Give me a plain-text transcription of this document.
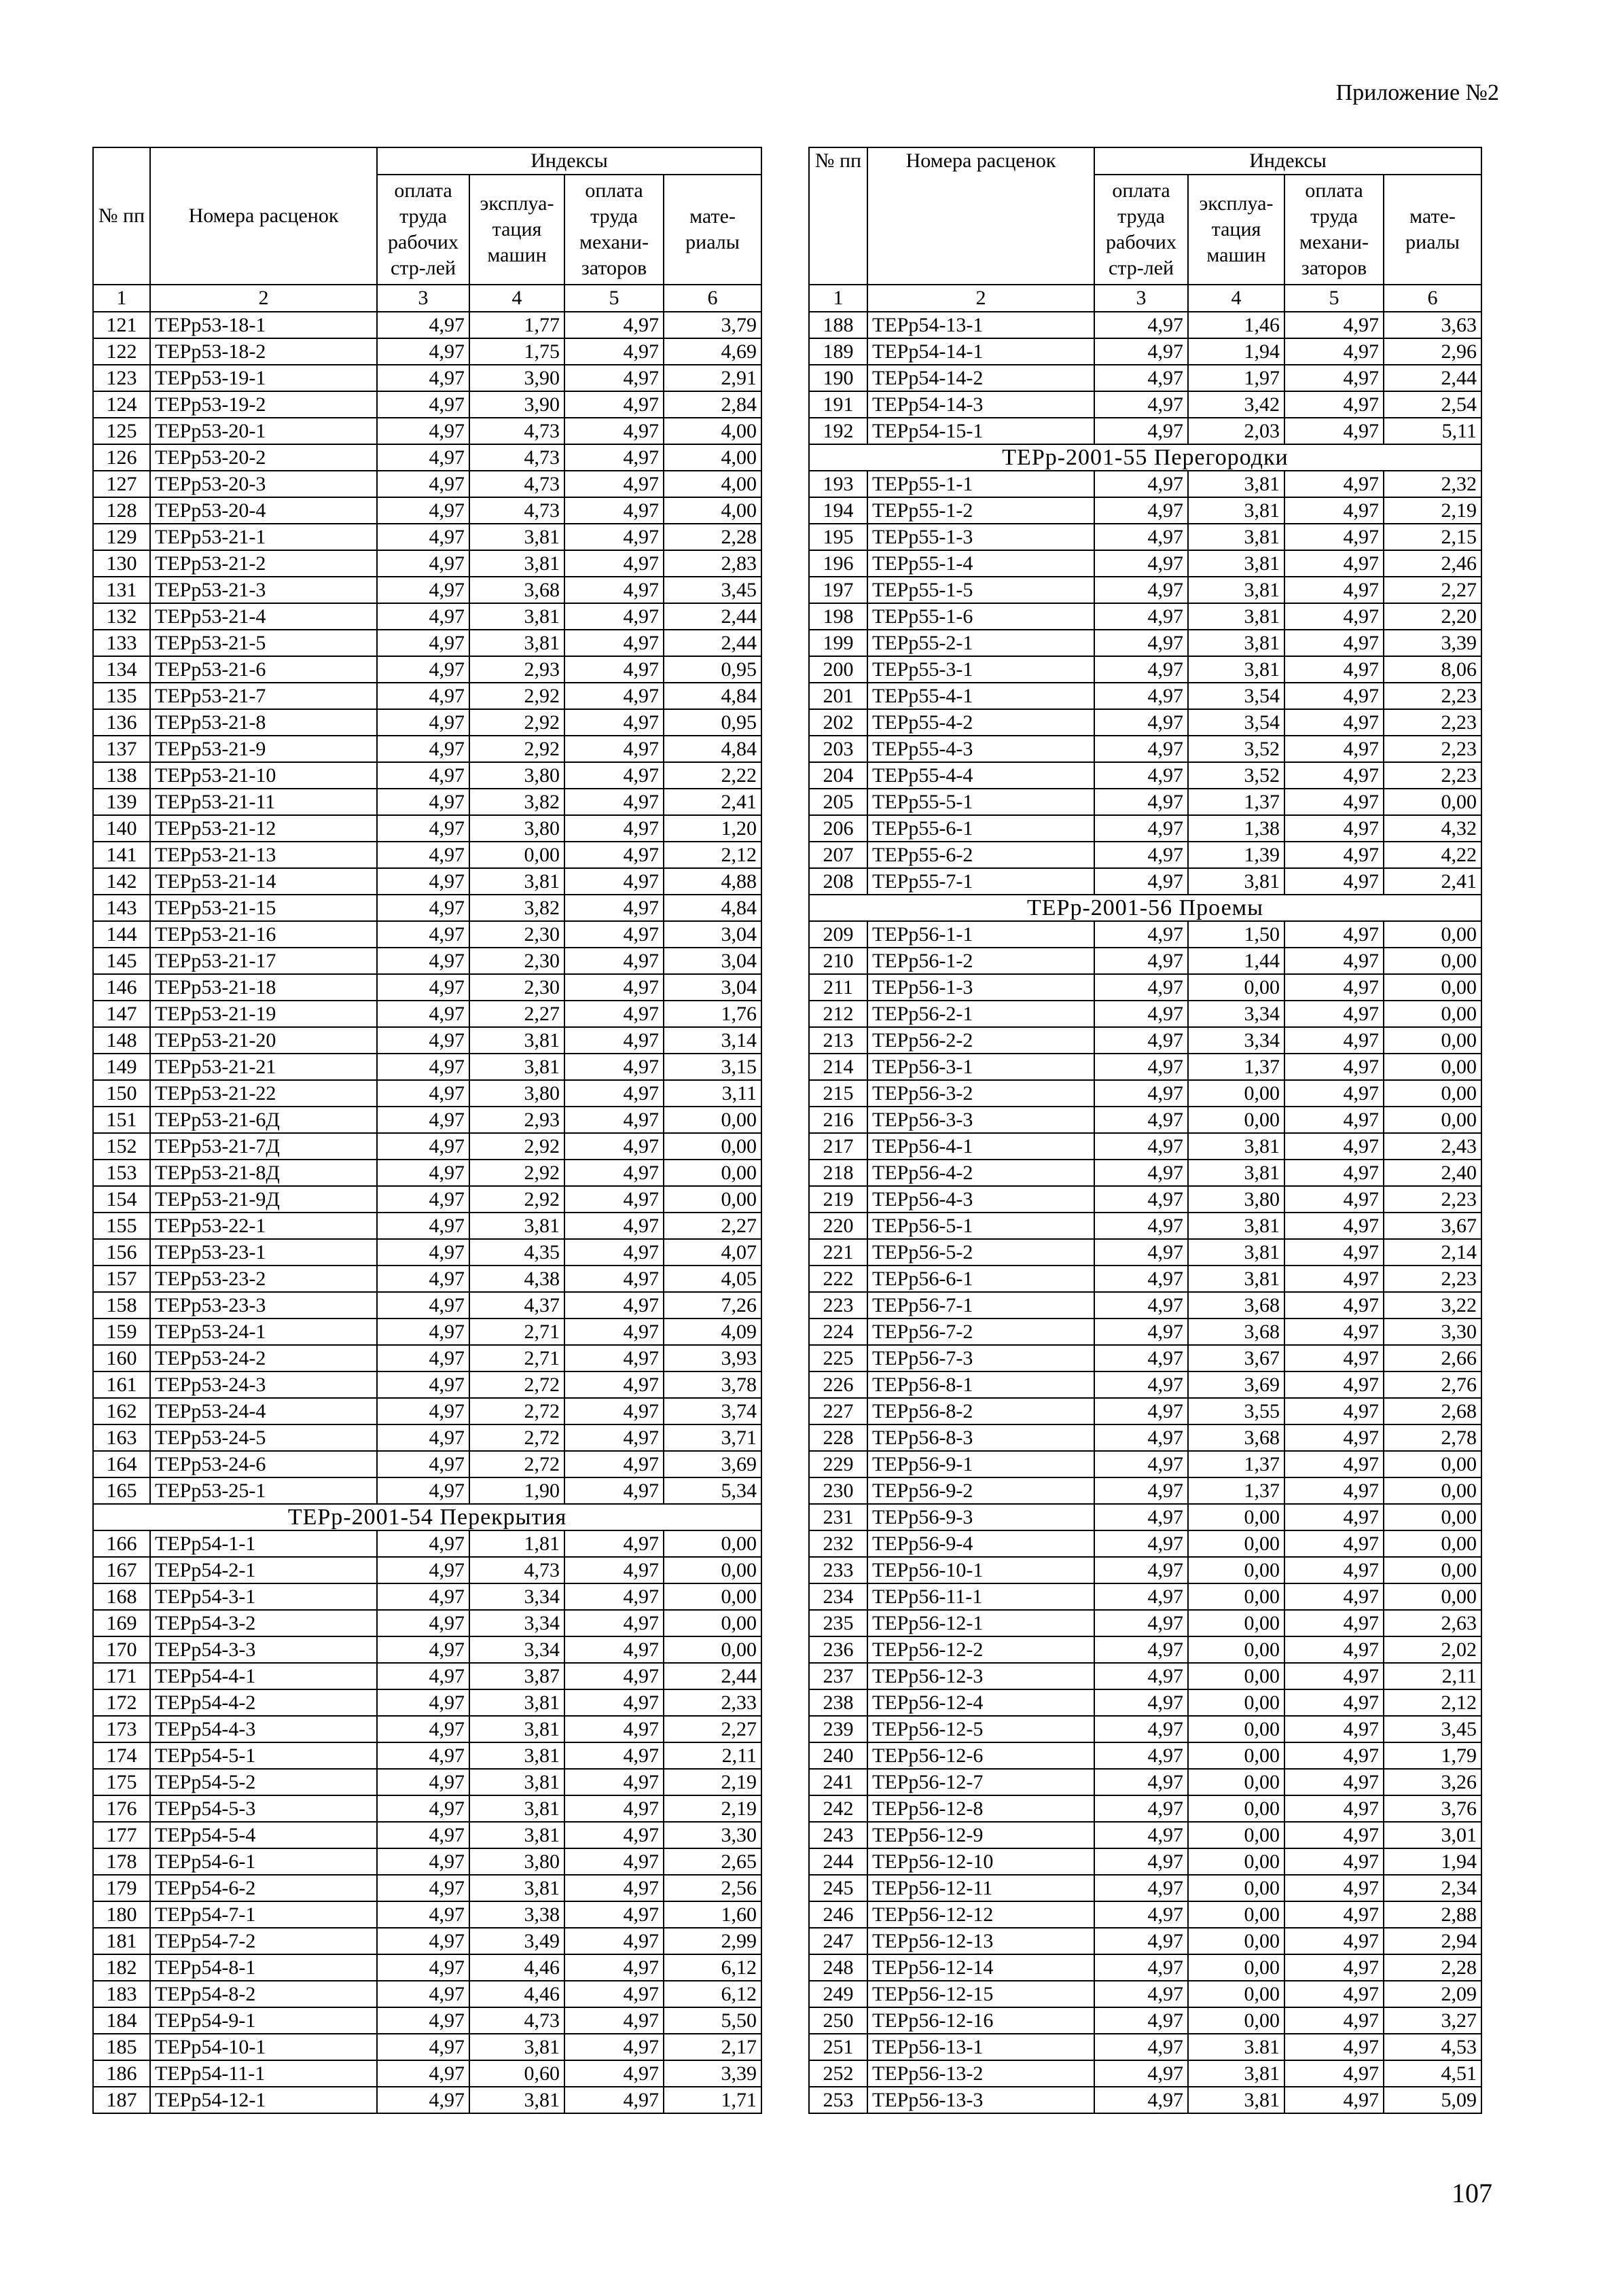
Приложение №2
№ пп	Номера расценок	Индексы			
		оплата труда рабочих стр-лей	эксплуа-тация машин	оплата труда механи-заторов	мате-риалы
1	2	3	4	5	6
121	ТЕРр53-18-1	4,97	1,77	4,97	3,79
122	ТЕРр53-18-2	4,97	1,75	4,97	4,69
123	ТЕРр53-19-1	4,97	3,90	4,97	2,91
124	ТЕРр53-19-2	4,97	3,90	4,97	2,84
125	ТЕРр53-20-1	4,97	4,73	4,97	4,00
126	ТЕРр53-20-2	4,97	4,73	4,97	4,00
127	ТЕРр53-20-3	4,97	4,73	4,97	4,00
128	ТЕРр53-20-4	4,97	4,73	4,97	4,00
129	ТЕРр53-21-1	4,97	3,81	4,97	2,28
130	ТЕРр53-21-2	4,97	3,81	4,97	2,83
131	ТЕРр53-21-3	4,97	3,68	4,97	3,45
132	ТЕРр53-21-4	4,97	3,81	4,97	2,44
133	ТЕРр53-21-5	4,97	3,81	4,97	2,44
134	ТЕРр53-21-6	4,97	2,93	4,97	0,95
135	ТЕРр53-21-7	4,97	2,92	4,97	4,84
136	ТЕРр53-21-8	4,97	2,92	4,97	0,95
137	ТЕРр53-21-9	4,97	2,92	4,97	4,84
138	ТЕРр53-21-10	4,97	3,80	4,97	2,22
139	ТЕРр53-21-11	4,97	3,82	4,97	2,41
140	ТЕРр53-21-12	4,97	3,80	4,97	1,20
141	ТЕРр53-21-13	4,97	0,00	4,97	2,12
142	ТЕРр53-21-14	4,97	3,81	4,97	4,88
143	ТЕРр53-21-15	4,97	3,82	4,97	4,84
144	ТЕРр53-21-16	4,97	2,30	4,97	3,04
145	ТЕРр53-21-17	4,97	2,30	4,97	3,04
146	ТЕРр53-21-18	4,97	2,30	4,97	3,04
147	ТЕРр53-21-19	4,97	2,27	4,97	1,76
148	ТЕРр53-21-20	4,97	3,81	4,97	3,14
149	ТЕРр53-21-21	4,97	3,81	4,97	3,15
150	ТЕРр53-21-22	4,97	3,80	4,97	3,11
151	ТЕРр53-21-6Д	4,97	2,93	4,97	0,00
152	ТЕРр53-21-7Д	4,97	2,92	4,97	0,00
153	ТЕРр53-21-8Д	4,97	2,92	4,97	0,00
154	ТЕРр53-21-9Д	4,97	2,92	4,97	0,00
155	ТЕРр53-22-1	4,97	3,81	4,97	2,27
156	ТЕРр53-23-1	4,97	4,35	4,97	4,07
157	ТЕРр53-23-2	4,97	4,38	4,97	4,05
158	ТЕРр53-23-3	4,97	4,37	4,97	7,26
159	ТЕРр53-24-1	4,97	2,71	4,97	4,09
160	ТЕРр53-24-2	4,97	2,71	4,97	3,93
161	ТЕРр53-24-3	4,97	2,72	4,97	3,78
162	ТЕРр53-24-4	4,97	2,72	4,97	3,74
163	ТЕРр53-24-5	4,97	2,72	4,97	3,71
164	ТЕРр53-24-6	4,97	2,72	4,97	3,69
165	ТЕРр53-25-1	4,97	1,90	4,97	5,34
ТЕРр-2001-54 Перекрытия					
166	ТЕРр54-1-1	4,97	1,81	4,97	0,00
167	ТЕРр54-2-1	4,97	4,73	4,97	0,00
168	ТЕРр54-3-1	4,97	3,34	4,97	0,00
169	ТЕРр54-3-2	4,97	3,34	4,97	0,00
170	ТЕРр54-3-3	4,97	3,34	4,97	0,00
171	ТЕРр54-4-1	4,97	3,87	4,97	2,44
172	ТЕРр54-4-2	4,97	3,81	4,97	2,33
173	ТЕРр54-4-3	4,97	3,81	4,97	2,27
174	ТЕРр54-5-1	4,97	3,81	4,97	2,11
175	ТЕРр54-5-2	4,97	3,81	4,97	2,19
176	ТЕРр54-5-3	4,97	3,81	4,97	2,19
177	ТЕРр54-5-4	4,97	3,81	4,97	3,30
178	ТЕРр54-6-1	4,97	3,80	4,97	2,65
179	ТЕРр54-6-2	4,97	3,81	4,97	2,56
180	ТЕРр54-7-1	4,97	3,38	4,97	1,60
181	ТЕРр54-7-2	4,97	3,49	4,97	2,99
182	ТЕРр54-8-1	4,97	4,46	4,97	6,12
183	ТЕРр54-8-2	4,97	4,46	4,97	6,12
184	ТЕРр54-9-1	4,97	4,73	4,97	5,50
185	ТЕРр54-10-1	4,97	3,81	4,97	2,17
186	ТЕРр54-11-1	4,97	0,60	4,97	3,39
187	ТЕРр54-12-1	4,97	3,81	4,97	1,71
№ пп	Номера расценок	Индексы			
		оплата труда рабочих стр-лей	эксплуа-тация машин	оплата труда механи-заторов	мате-риалы
1	2	3	4	5	6
188	ТЕРр54-13-1	4,97	1,46	4,97	3,63
189	ТЕРр54-14-1	4,97	1,94	4,97	2,96
190	ТЕРр54-14-2	4,97	1,97	4,97	2,44
191	ТЕРр54-14-3	4,97	3,42	4,97	2,54
192	ТЕРр54-15-1	4,97	2,03	4,97	5,11
ТЕРр-2001-55 Перегородки					
193	ТЕРр55-1-1	4,97	3,81	4,97	2,32
194	ТЕРр55-1-2	4,97	3,81	4,97	2,19
195	ТЕРр55-1-3	4,97	3,81	4,97	2,15
196	ТЕРр55-1-4	4,97	3,81	4,97	2,46
197	ТЕРр55-1-5	4,97	3,81	4,97	2,27
198	ТЕРр55-1-6	4,97	3,81	4,97	2,20
199	ТЕРр55-2-1	4,97	3,81	4,97	3,39
200	ТЕРр55-3-1	4,97	3,81	4,97	8,06
201	ТЕРр55-4-1	4,97	3,54	4,97	2,23
202	ТЕРр55-4-2	4,97	3,54	4,97	2,23
203	ТЕРр55-4-3	4,97	3,52	4,97	2,23
204	ТЕРр55-4-4	4,97	3,52	4,97	2,23
205	ТЕРр55-5-1	4,97	1,37	4,97	0,00
206	ТЕРр55-6-1	4,97	1,38	4,97	4,32
207	ТЕРр55-6-2	4,97	1,39	4,97	4,22
208	ТЕРр55-7-1	4,97	3,81	4,97	2,41
ТЕРр-2001-56 Проемы					
209	ТЕРр56-1-1	4,97	1,50	4,97	0,00
210	ТЕРр56-1-2	4,97	1,44	4,97	0,00
211	ТЕРр56-1-3	4,97	0,00	4,97	0,00
212	ТЕРр56-2-1	4,97	3,34	4,97	0,00
213	ТЕРр56-2-2	4,97	3,34	4,97	0,00
214	ТЕРр56-3-1	4,97	1,37	4,97	0,00
215	ТЕРр56-3-2	4,97	0,00	4,97	0,00
216	ТЕРр56-3-3	4,97	0,00	4,97	0,00
217	ТЕРр56-4-1	4,97	3,81	4,97	2,43
218	ТЕРр56-4-2	4,97	3,81	4,97	2,40
219	ТЕРр56-4-3	4,97	3,80	4,97	2,23
220	ТЕРр56-5-1	4,97	3,81	4,97	3,67
221	ТЕРр56-5-2	4,97	3,81	4,97	2,14
222	ТЕРр56-6-1	4,97	3,81	4,97	2,23
223	ТЕРр56-7-1	4,97	3,68	4,97	3,22
224	ТЕРр56-7-2	4,97	3,68	4,97	3,30
225	ТЕРр56-7-3	4,97	3,67	4,97	2,66
226	ТЕРр56-8-1	4,97	3,69	4,97	2,76
227	ТЕРр56-8-2	4,97	3,55	4,97	2,68
228	ТЕРр56-8-3	4,97	3,68	4,97	2,78
229	ТЕРр56-9-1	4,97	1,37	4,97	0,00
230	ТЕРр56-9-2	4,97	1,37	4,97	0,00
231	ТЕРр56-9-3	4,97	0,00	4,97	0,00
232	ТЕРр56-9-4	4,97	0,00	4,97	0,00
233	ТЕРр56-10-1	4,97	0,00	4,97	0,00
234	ТЕРр56-11-1	4,97	0,00	4,97	0,00
235	ТЕРр56-12-1	4,97	0,00	4,97	2,63
236	ТЕРр56-12-2	4,97	0,00	4,97	2,02
237	ТЕРр56-12-3	4,97	0,00	4,97	2,11
238	ТЕРр56-12-4	4,97	0,00	4,97	2,12
239	ТЕРр56-12-5	4,97	0,00	4,97	3,45
240	ТЕРр56-12-6	4,97	0,00	4,97	1,79
241	ТЕРр56-12-7	4,97	0,00	4,97	3,26
242	ТЕРр56-12-8	4,97	0,00	4,97	3,76
243	ТЕРр56-12-9	4,97	0,00	4,97	3,01
244	ТЕРр56-12-10	4,97	0,00	4,97	1,94
245	ТЕРр56-12-11	4,97	0,00	4,97	2,34
246	ТЕРр56-12-12	4,97	0,00	4,97	2,88
247	ТЕРр56-12-13	4,97	0,00	4,97	2,94
248	ТЕРр56-12-14	4,97	0,00	4,97	2,28
249	ТЕРр56-12-15	4,97	0,00	4,97	2,09
250	ТЕРр56-12-16	4,97	0,00	4,97	3,27
251	ТЕРр56-13-1	4,97	3.81	4,97	4,53
252	ТЕРр56-13-2	4,97	3,81	4,97	4,51
253	ТЕРр56-13-3	4,97	3,81	4,97	5,09
107
